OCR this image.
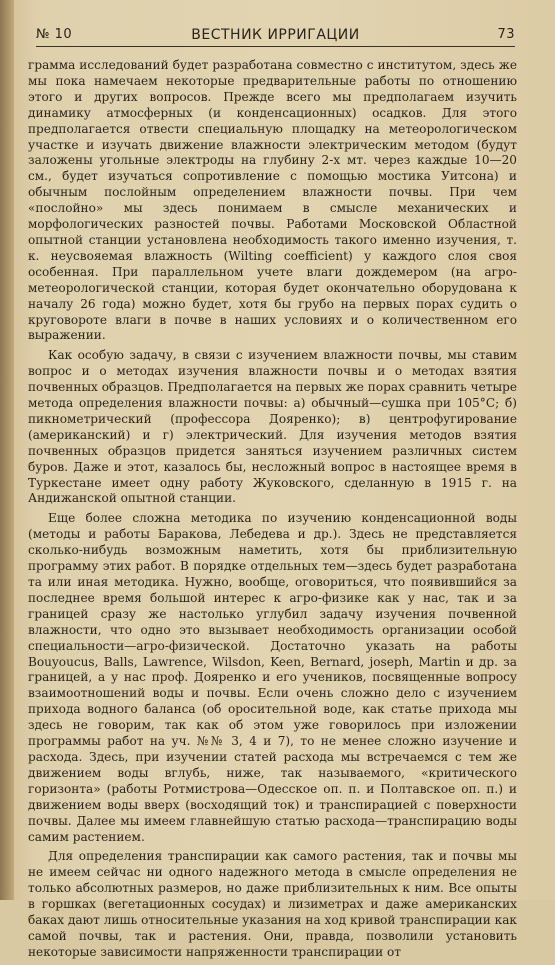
№ 10	ВЕСТНИК ИРРИГАЦИИ	73

грамма исследований будет разработана совместно с институтом, здесь же мы пока намечаем некоторые предварительные работы по отношению этого и других вопросов. Прежде всего мы предполагаем изучить динамику атмосферных (и конденсационных) осадков. Для этого предполагается отвести специальную площадку на метеорологическом участке и изучать движение влажности электрическим методом (будут заложены угольные электроды на глубину 2-х мт. через каждые 10—20 см., будет изучаться сопротивление с помощью мостика Уитсона) и обычным послойным определением влажности почвы. При чем «послойно» мы здесь понимаем в смысле механических и морфологических разностей почвы. Работами Московской Областной опытной станции установлена необходимость такого именно изучения, т. к. неусвояемая влажность (Wilting coefficient) у каждого слоя своя особенная. При параллельном учете влаги дождемером (на агро-метеорологической станции, которая будет окончательно оборудована к началу 26 года) можно будет, хотя бы грубо на первых порах судить о круговороте влаги в почве в наших условиях и о количественном его выражении.

Как особую задачу, в связи с изучением влажности почвы, мы ставим вопрос и о методах изучения влажности почвы и о методах взятия почвенных образцов. Предполагается на первых же порах сравнить четыре метода определения влажности почвы: а) обычный—сушка при 105°С; б) пикнометрический (профессора Дояренко); в) центрофугирование (американский) и г) электрический. Для изучения методов взятия почвенных образцов придется заняться изучением различных систем буров. Даже и этот, казалось бы, несложный вопрос в настоящее время в Туркестане имеет одну работу Жуковского, сделанную в 1915 г. на Андижанской опытной станции.

Еще более сложна методика по изучению конденсационной воды (методы и работы Баракова, Лебедева и др.). Здесь не представляется сколько-нибудь возможным наметить, хотя бы приблизительную программу этих работ. В порядке отдельных тем—здесь будет разработана та или иная методика. Нужно, вообще, оговориться, что появившийся за последнее время большой интерес к агро-физике как у нас, так и за границей сразу же настолько углубил задачу изучения почвенной влажности, что одно это вызывает необходимость организации особой специальности—агро-физической. Достаточно указать на работы Bouyoucus, Balls, Lawrence, Wilsdon, Keen, Bernard, joseph, Martin и др. за границей, а у нас проф. Дояренко и его учеников, посвященные вопросу взаимоотношений воды и почвы. Если очень сложно дело с изучением прихода водного баланса (об оросительной воде, как статье прихода мы здесь не говорим, так как об этом уже говорилось при изложении программы работ на уч. №№ 3, 4 и 7), то не менее сложно изучение и расхода. Здесь, при изучении статей расхода мы встречаемся с тем же движением воды вглубь, ниже, так называемого, «критического горизонта» (работы Ротмистрова—Одесское оп. п. и Полтавское оп. п.) и движением воды вверх (восходящий ток) и транспирацией с поверхности почвы. Далее мы имеем главнейшую статью расхода—транспирацию воды самим растением.

Для определения транспирации как самого растения, так и почвы мы не имеем сейчас ни одного надежного метода в смысле определения не только абсолютных размеров, но даже приблизительных к ним. Все опыты в горшках (вегетационных сосудах) и лизиметрах и даже американских баках дают лишь относительные указания на ход кривой транспирации как самой почвы, так и растения. Они, правда, позволили установить некоторые зависимости напряженности транспирации от
